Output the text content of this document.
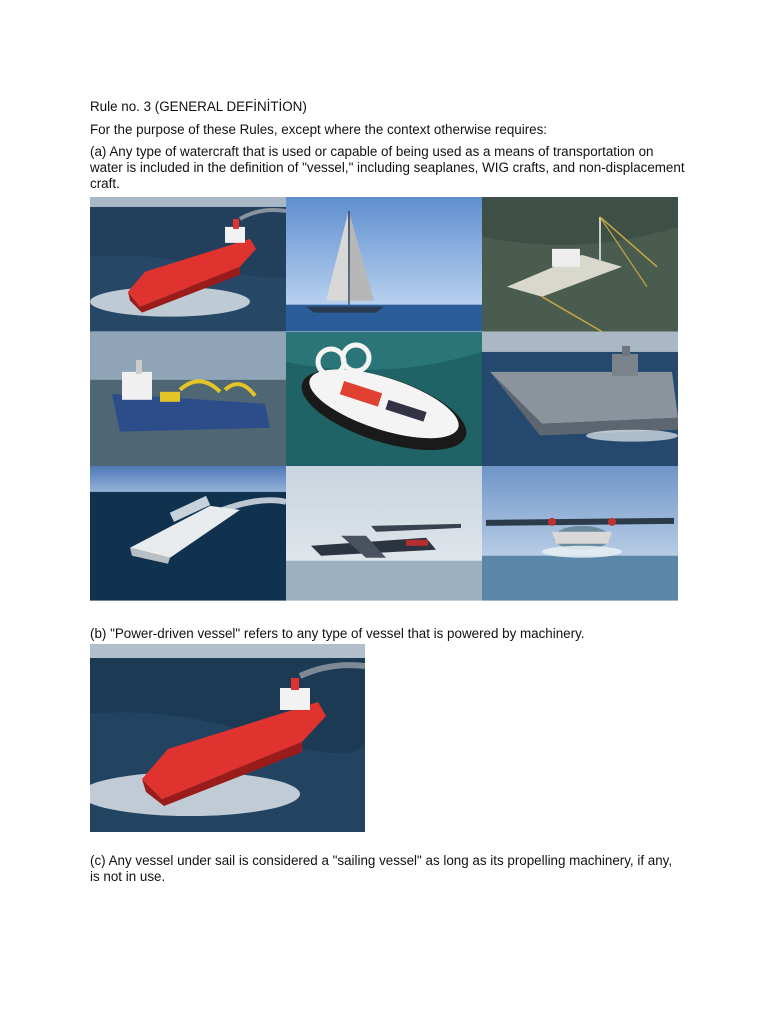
Rule no. 3 (GENERAL DEFİNİTİON)

For the purpose of these Rules, except where the context otherwise requires:

(a) Any type of watercraft that is used or capable of being used as a means of transportation on water is included in the definition of "vessel," including seaplanes, WIG crafts, and non-displacement craft.

(b) "Power-driven vessel" refers to any type of vessel that is powered by machinery.

(c) Any vessel under sail is considered a "sailing vessel" as long as its propelling machinery, if any, is not in use.
